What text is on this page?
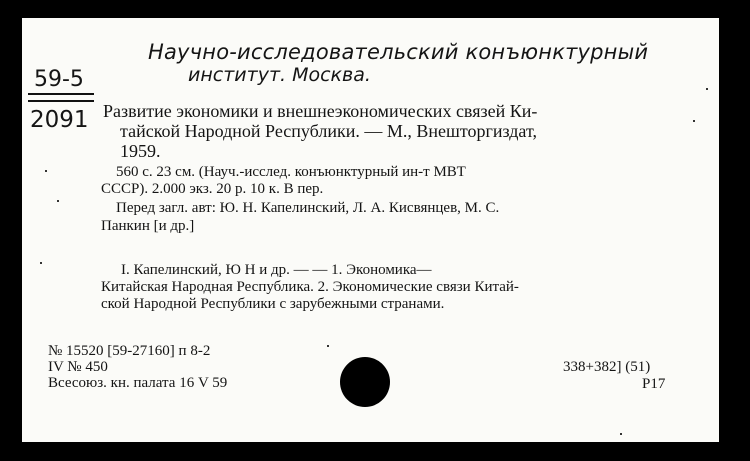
Научно-исследовательский конъюнктурный
институт. Москва.
59-5
2091 Развитие экономики и внешнеэкономических связей Ки-
тайской Народной Республики. — М., Внешторгиздат,
1959.
560 с. 23 см. (Науч.-исслед. конъюнктурный ин-т МВТ
СССР). 2.000 экз. 20 р. 10 к. В пер.
Перед загл. авт: Ю. Н. Капелинский, Л. А. Кисвянцев, М. С.
Панкин [и др.]
I. Капелинский, Ю Н и др. — — 1. Экономика—
Китайская Народная Республика. 2. Экономические связи Китай-
ской Народной Республики с зарубежными странами.
№ 15520 [59-27160] п 8-2
IV № 450
Всесоюз. кн. палата 16 V 59
338+382] (51)
Р17
